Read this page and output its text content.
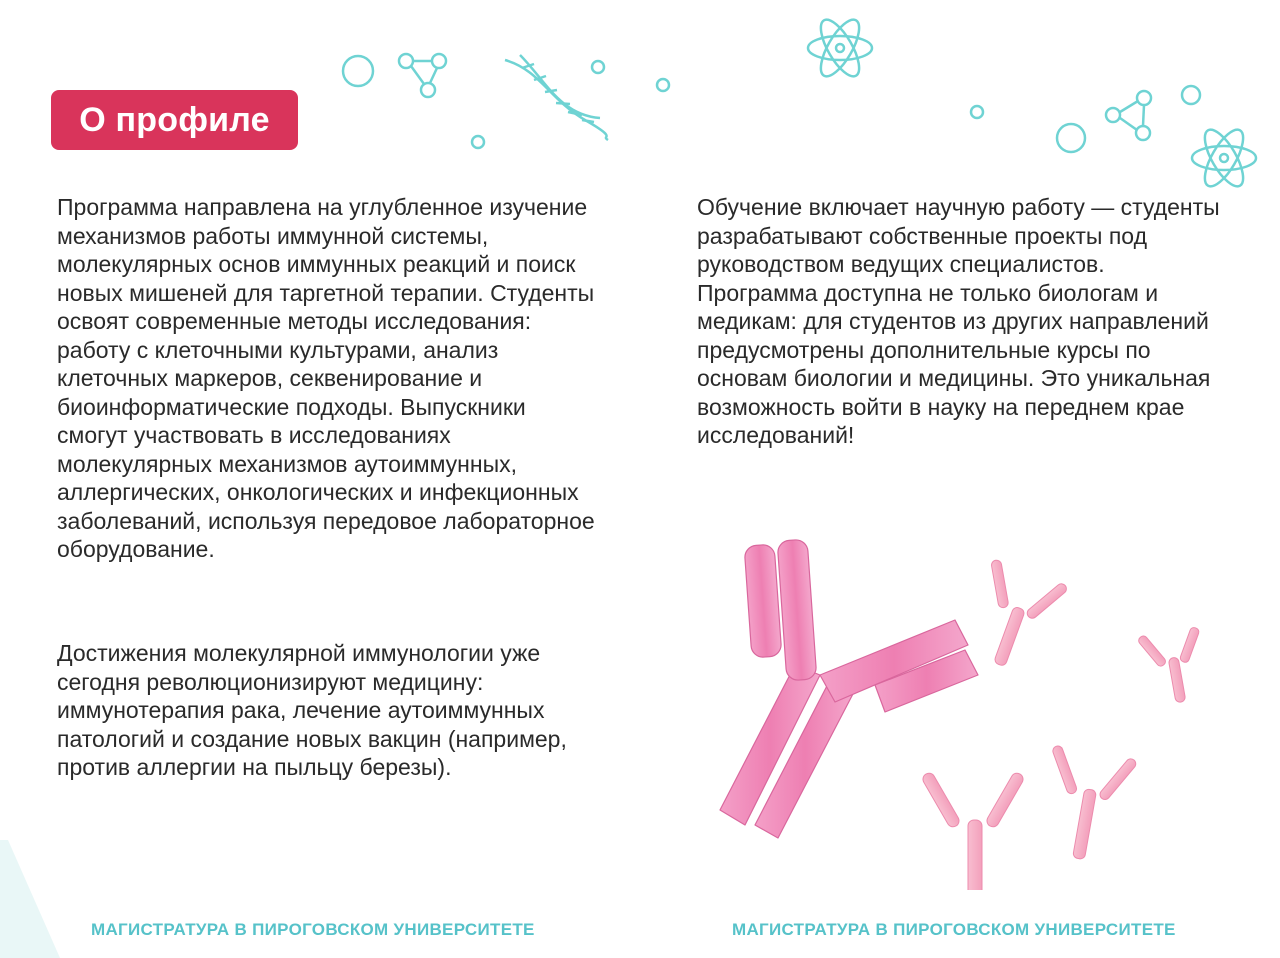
О профиле

Программа направлена на углубленное изучение механизмов работы иммунной системы, молекулярных основ иммунных реакций и поиск новых мишеней для таргетной терапии. Студенты освоят современные методы исследования: работу с клеточными культурами, анализ клеточных маркеров, секвенирование и биоинформатические подходы. Выпускники смогут участвовать в исследованиях молекулярных механизмов аутоиммунных, аллергических, онкологических и инфекционных заболеваний, используя передовое лабораторное оборудование.

Достижения молекулярной иммунологии уже сегодня революционизируют медицину: иммунотерапия рака, лечение аутоиммунных патологий и создание новых вакцин (например, против аллергии на пыльцу березы).

Обучение включает научную работу — студенты разрабатывают собственные проекты под руководством ведущих специалистов. Программа доступна не только биологам и медикам: для студентов из других направлений предусмотрены дополнительные курсы по основам биологии и медицины. Это уникальная возможность войти в науку на переднем крае исследований!

МАГИСТРАТУРА В ПИРОГОВСКОМ УНИВЕРСИТЕТЕ	МАГИСТРАТУРА В ПИРОГОВСКОМ УНИВЕРСИТЕТЕ
